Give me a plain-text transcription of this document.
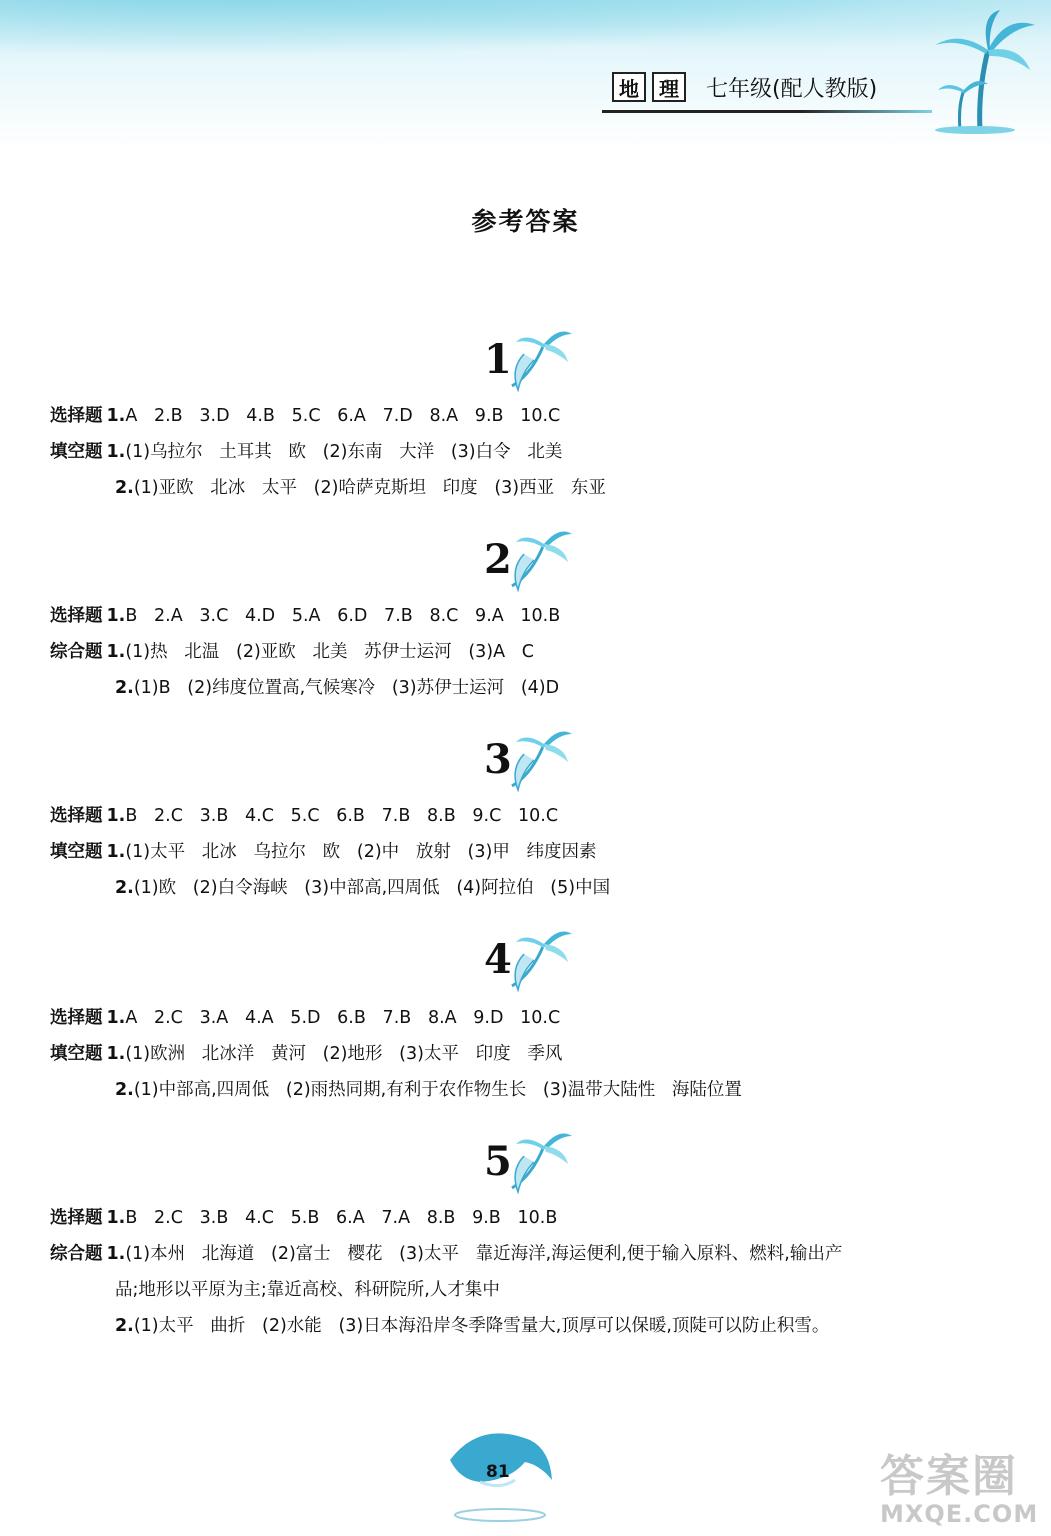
地	理	七年级(配人教版)
参考答案
1
选择题 1.A   2.B   3.D   4.B   5.C   6.A   7.D   8.A   9.B   10.C
填空题 1.(1)乌拉尔   土耳其   欧   (2)东南   大洋   (3)白令   北美
2.(1)亚欧   北冰   太平   (2)哈萨克斯坦   印度   (3)西亚   东亚
2
选择题 1.B   2.A   3.C   4.D   5.A   6.D   7.B   8.C   9.A   10.B
综合题 1.(1)热   北温   (2)亚欧   北美   苏伊士运河   (3)A   C
2.(1)B   (2)纬度位置高,气候寒冷   (3)苏伊士运河   (4)D
3
选择题 1.B   2.C   3.B   4.C   5.C   6.B   7.B   8.B   9.C   10.C
填空题 1.(1)太平   北冰   乌拉尔   欧   (2)中   放射   (3)甲   纬度因素
2.(1)欧   (2)白令海峡   (3)中部高,四周低   (4)阿拉伯   (5)中国
4
选择题 1.A   2.C   3.A   4.A   5.D   6.B   7.B   8.A   9.D   10.C
填空题 1.(1)欧洲   北冰洋   黄河   (2)地形   (3)太平   印度   季风
2.(1)中部高,四周低   (2)雨热同期,有利于农作物生长   (3)温带大陆性   海陆位置
5
选择题 1.B   2.C   3.B   4.C   5.B   6.A   7.A   8.B   9.B   10.B
综合题 1.(1)本州   北海道   (2)富士   樱花   (3)太平   靠近海洋,海运便利,便于输入原料、燃料,输出产
品;地形以平原为主;靠近高校、科研院所,人才集中
2.(1)太平   曲折   (2)水能   (3)日本海沿岸冬季降雪量大,顶厚可以保暖,顶陡可以防止积雪。
81	答案圈
MXQE.COM
